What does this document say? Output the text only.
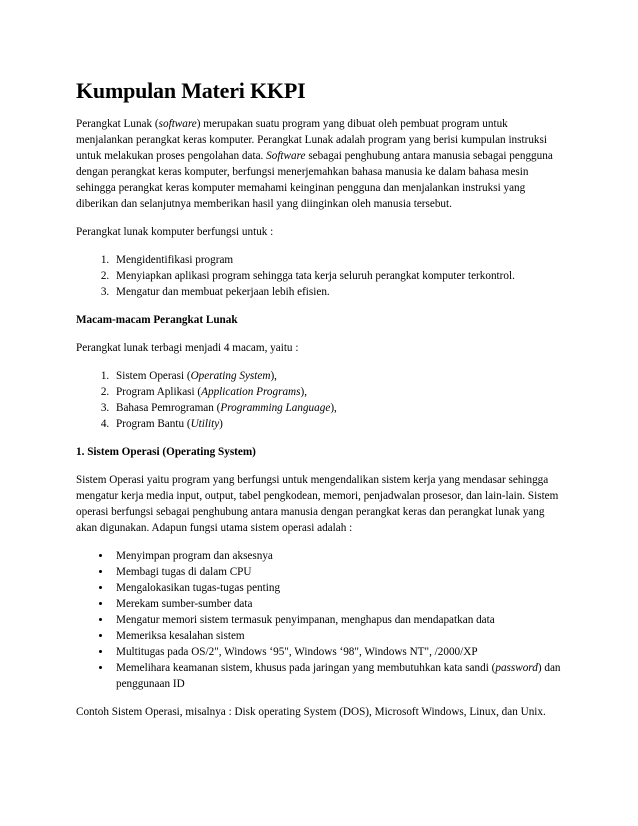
Kumpulan Materi KKPI

Perangkat Lunak (software) merupakan suatu program yang dibuat oleh pembuat program untuk menjalankan perangkat keras komputer. Perangkat Lunak adalah program yang berisi kumpulan instruksi untuk melakukan proses pengolahan data. Software sebagai penghubung antara manusia sebagai pengguna dengan perangkat keras komputer, berfungsi menerjemahkan bahasa manusia ke dalam bahasa mesin sehingga perangkat keras komputer memahami keinginan pengguna dan menjalankan instruksi yang diberikan dan selanjutnya memberikan hasil yang diinginkan oleh manusia tersebut.

Perangkat lunak komputer berfungsi untuk :

1. Mengidentifikasi program
2. Menyiapkan aplikasi program sehingga tata kerja seluruh perangkat komputer terkontrol.
3. Mengatur dan membuat pekerjaan lebih efisien.
Macam-macam Perangkat Lunak

Perangkat lunak terbagi menjadi 4 macam, yaitu :

1. Sistem Operasi (Operating System),
2. Program Aplikasi (Application Programs),
3. Bahasa Pemrograman (Programming Language),
4. Program Bantu (Utility)
1. Sistem Operasi (Operating System)

Sistem Operasi yaitu program yang berfungsi untuk mengendalikan sistem kerja yang mendasar sehingga mengatur kerja media input, output, tabel pengkodean, memori, penjadwalan prosesor, dan lain-lain. Sistem operasi berfungsi sebagai penghubung antara manusia dengan perangkat keras dan perangkat lunak yang akan digunakan. Adapun fungsi utama sistem operasi adalah :

• Menyimpan program dan aksesnya
• Membagi tugas di dalam CPU
• Mengalokasikan tugas-tugas penting
• Merekam sumber-sumber data
• Mengatur memori sistem termasuk penyimpanan, menghapus dan mendapatkan data
• Memeriksa kesalahan sistem
• Multitugas pada OS/2", Windows ‘95", Windows ‘98", Windows NT", /2000/XP
• Memelihara keamanan sistem, khusus pada jaringan yang membutuhkan kata sandi (password) dan penggunaan ID

Contoh Sistem Operasi, misalnya : Disk operating System (DOS), Microsoft Windows, Linux, dan Unix.
